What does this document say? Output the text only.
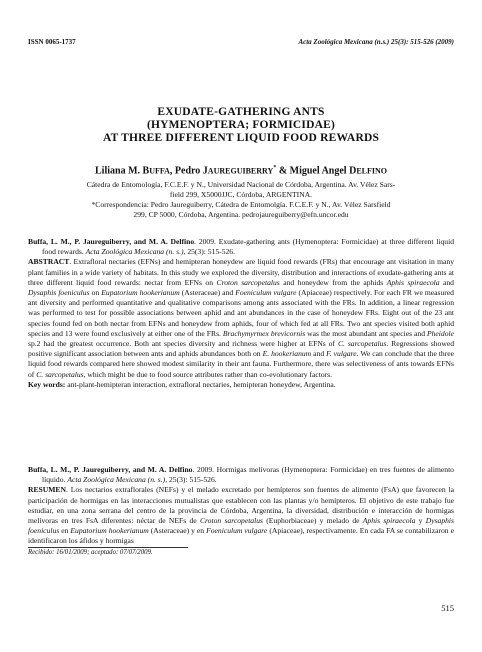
ISSN 0065-1737	Acta Zoológica Mexicana (n.s.) 25(3): 515-526 (2009)
EXUDATE-GATHERING ANTS
(HYMENOPTERA; FORMICIDAE)
AT THREE DIFFERENT LIQUID FOOD REWARDS
Liliana M. BUFFA, Pedro JAUREGUIBERRY* & Miguel Angel DELFINO
Cátedra de Entomología, F.C.E.F. y N., Universidad Nacional de Córdoba, Argentina. Av. Vélez Sars-
field 299, X5000JJC, Córdoba, ARGENTINA.
*Correspondencia: Pedro Jaureguiberry, Cátedra de Entomolgía. F.C.E.F. y N., Av. Vélez Sarsfield
299, CP 5000, Córdoba, Argentina. pedrojaureguiberry@efn.uncor.edu

Buffa, L. M., P. Jaureguiberry, and M. A. Delfino. 2009. Exudate-gathering ants (Hymenoptera: Formicidae) at three different liquid food rewards. Acta Zoológica Mexicana (n. s.), 25(3): 515-526.

ABSTRACT. Extrafloral nectaries (EFNs) and hemipteran honeydew are liquid food rewards (FRs) that encourage ant visitation in many plant families in a wide variety of habitats. In this study we explored the diversity, distribution and interactions of exudate-gathering ants at three different liquid food rewards: nectar from EFNs on Croton sarcopetalus and honeydew from the aphids Aphis spiraecola and Dysaphis foeniculus on Eupatorium hookerianum (Asteraceae) and Foeniculum vulgare (Apiaceae) respectively. For each FR we measured ant diversity and performed quantitative and qualitative comparisons among ants associated with the FRs. In addition, a linear regression was performed to test for possible associations between aphid and ant abundances in the case of honeydew FRs. Eight out of the 23 ant species found fed on both nectar from EFNs and honeydew from aphids, four of which fed at all FRs. Two ant species visited both aphid species and 13 were found exclusively at either one of the FRs. Brachymyrmex brevicornis was the most abundant ant species and Pheidole sp.2 had the greatest occurrence. Both ant species diversity and richness were higher at EFNs of C. sarcopetalus. Regressions showed positive significant association between ants and aphids abundances both on E. hookerianum and F. vulgare. We can conclude that the three liquid food rewards compared here showed modest similarity in their ant fauna. Furthermore, there was selectiveness of ants towards EFNs of C. sarcopetalus, which might be due to food source attributes rather than co-evolutionary factors.

Key words: ant-plant-hemipteran interaction, extrafloral nectaries, hemipteran honeydew, Argentina.

Buffa, L. M., P. Jaureguiberry, and M. A. Delfino. 2009. Hormigas melívoras (Hymenoptera: Formicidae) en tres fuentes de alimento líquido. Acta Zoológica Mexicana (n. s.), 25(3): 515-526.

RESUMEN. Los nectarios extraflorales (NEFs) y el melado excretado por hemípteros son fuentes de alimento (FsA) que favorecen la participación de hormigas en las interacciones mutualistas que establecen con las plantas y/o hemípteros. El objetivo de este trabajo fue estudiar, en una zona serrana del centro de la provincia de Córdoba, Argentina, la diversidad, distribución e interacción de hormigas melívoras en tres FsA diferentes: néctar de NEFs de Croton sarcopetalus (Euphorbiaceae) y melado de Aphis spiraecola y Dysaphis foeniculus en Eupatorium hookerianum (Asteraceae) y en Foeniculum vulgare (Apiaceae), respectivamente. En cada FA se contabilizaron e identificaron los áfidos y hormigas

Recibido: 16/01/2009; aceptado: 07/07/2009.
515
